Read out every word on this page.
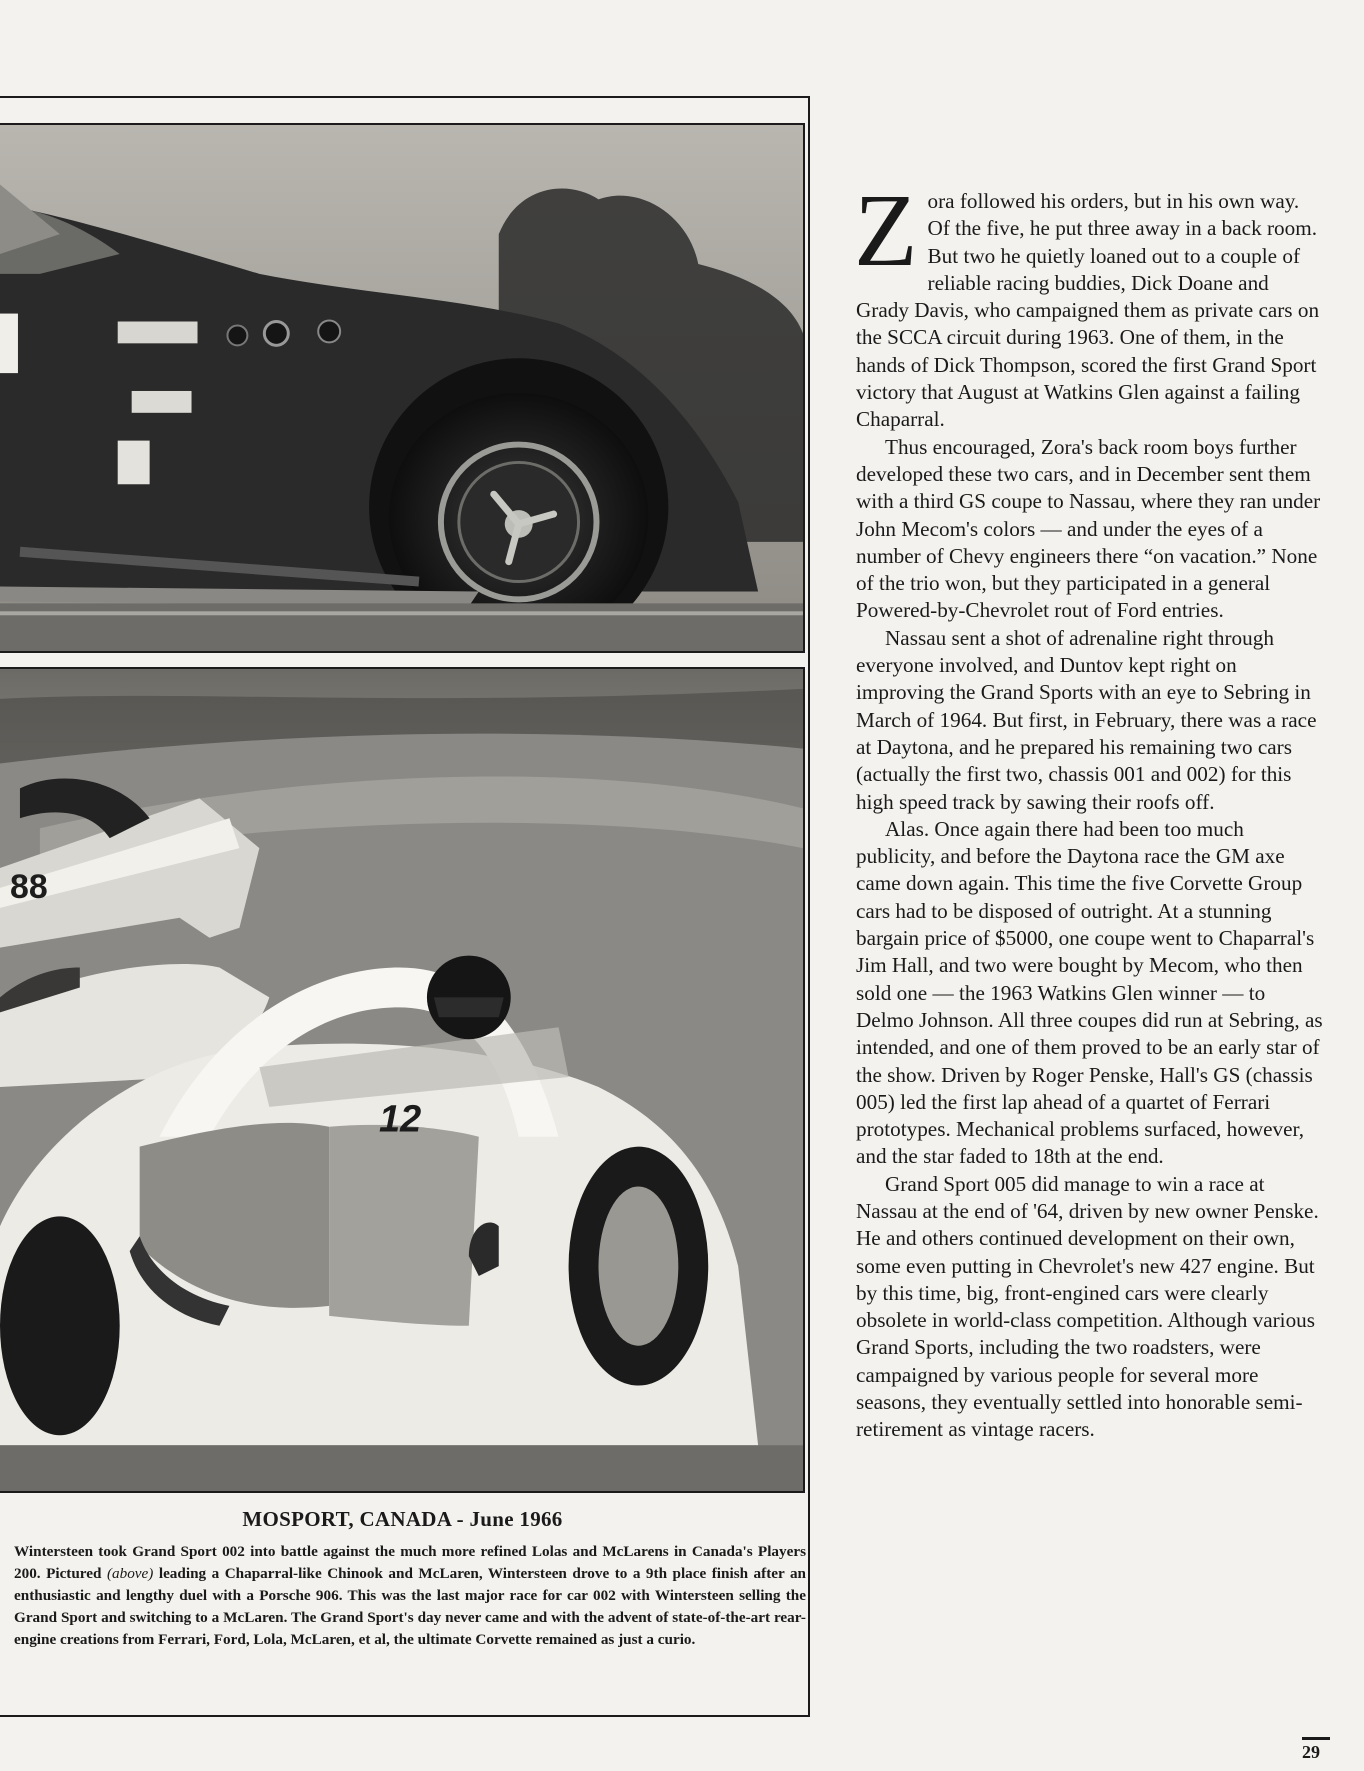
88
12
MOSPORT, CANADA - June 1966
Wintersteen took Grand Sport 002 into battle against the much more refined Lolas and McLarens in Canada's Players 200. Pictured (above) leading a Chaparral-like Chinook and McLaren, Wintersteen drove to a 9th place finish after an enthusiastic and lengthy duel with a Porsche 906. This was the last major race for car 002 with Wintersteen selling the Grand Sport and switching to a McLaren. The Grand Sport's day never came and with the advent of state-of-the-art rear-engine creations from Ferrari, Ford, Lola, McLaren, et al, the ultimate Corvette remained as just a curio.

Zora followed his orders, but in his own way. Of the five, he put three away in a back room. But two he quietly loaned out to a couple of reliable racing buddies, Dick Doane and Grady Davis, who campaigned them as private cars on the SCCA circuit during 1963. One of them, in the hands of Dick Thompson, scored the first Grand Sport victory that August at Watkins Glen against a failing Chaparral.

Thus encouraged, Zora's back room boys further developed these two cars, and in December sent them with a third GS coupe to Nassau, where they ran under John Mecom's colors — and under the eyes of a number of Chevy engineers there “on vacation.” None of the trio won, but they participated in a general Powered-by-Chevrolet rout of Ford entries.

Nassau sent a shot of adrenaline right through everyone involved, and Duntov kept right on improving the Grand Sports with an eye to Sebring in March of 1964. But first, in February, there was a race at Daytona, and he prepared his remaining two cars (actually the first two, chassis 001 and 002) for this high speed track by sawing their roofs off.

Alas. Once again there had been too much publicity, and before the Daytona race the GM axe came down again. This time the five Corvette Group cars had to be disposed of outright. At a stunning bargain price of $5000, one coupe went to Chaparral's Jim Hall, and two were bought by Mecom, who then sold one — the 1963 Watkins Glen winner — to Delmo Johnson. All three coupes did run at Sebring, as intended, and one of them proved to be an early star of the show. Driven by Roger Penske, Hall's GS (chassis 005) led the first lap ahead of a quartet of Ferrari prototypes. Mechanical problems surfaced, however, and the star faded to 18th at the end.

Grand Sport 005 did manage to win a race at Nassau at the end of '64, driven by new owner Penske. He and others continued development on their own, some even putting in Chevrolet's new 427 engine. But by this time, big, front-engined cars were clearly obsolete in world-class competition. Although various Grand Sports, including the two roadsters, were campaigned by various people for several more seasons, they eventually settled into honorable semi-retirement as vintage racers.

29
